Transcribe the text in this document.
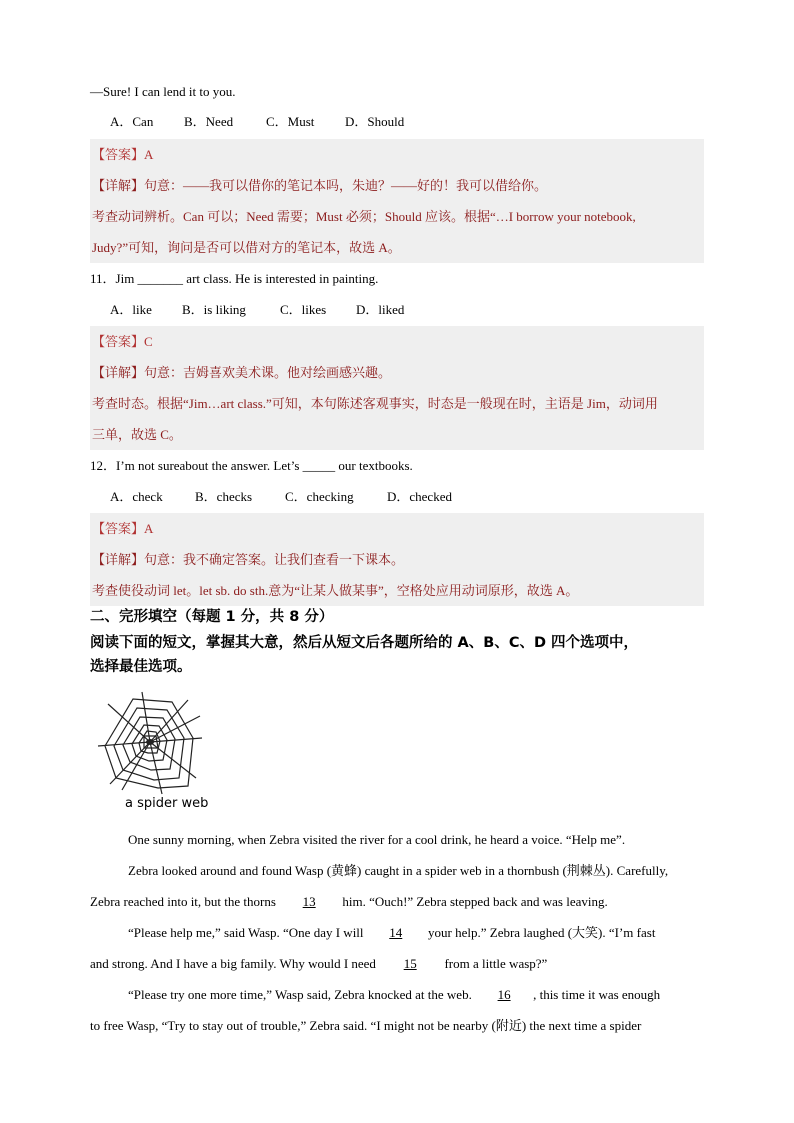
—Sure! I can lend it to you.
A．Can B．Need	C．Must D．Should
【答案】A
【详解】句意：——我可以借你的笔记本吗，朱迪？——好的！我可以借给你。
考查动词辨析。Can 可以；Need 需要；Must 必须；Should 应该。根据“…I borrow your notebook,
Judy?”可知，询问是否可以借对方的笔记本，故选 A。
11．Jim _______ art class. He is interested in painting.
A．like B．is liking	C．likes D．liked
【答案】C
【详解】句意：吉姆喜欢美术课。他对绘画感兴趣。
考查时态。根据“Jim…art class.”可知，本句陈述客观事实，时态是一般现在时，主语是 Jim，动词用
三单，故选 C。
12．I’m not sureabout the answer. Let’s _____ our textbooks.
A．check B．checks	C．checking	D．checked
【答案】A
【详解】句意：我不确定答案。让我们查看一下课本。
考查使役动词 let。let sb. do sth.意为“让某人做某事”，空格处应用动词原形，故选 A。
二、完形填空（每题 1 分，共 8 分）
阅读下面的短文，掌握其大意，然后从短文后各题所给的 A、B、C、D 四个选项中，
选择最佳选项。
a spider web
One sunny morning, when Zebra visited the river for a cool drink, he heard a voice. “Help me”.
Zebra looked around and found Wasp (黄蜂) caught in a spider web in a thornbush (荆棘丛). Carefully,
Zebra reached into it, but the thorns 13 him. “Ouch!” Zebra stepped back and was leaving.
“Please help me,” said Wasp. “One day I will 14 your help.” Zebra laughed (大笑). “I’m fast
and strong. And I have a big family. Why would I need 15 from a little wasp?”
“Please try one more time,” Wasp said, Zebra knocked at the web. 16 , this time it was enough
to free Wasp, “Try to stay out of trouble,” Zebra said. “I might not be nearby (附近) the next time a spider
